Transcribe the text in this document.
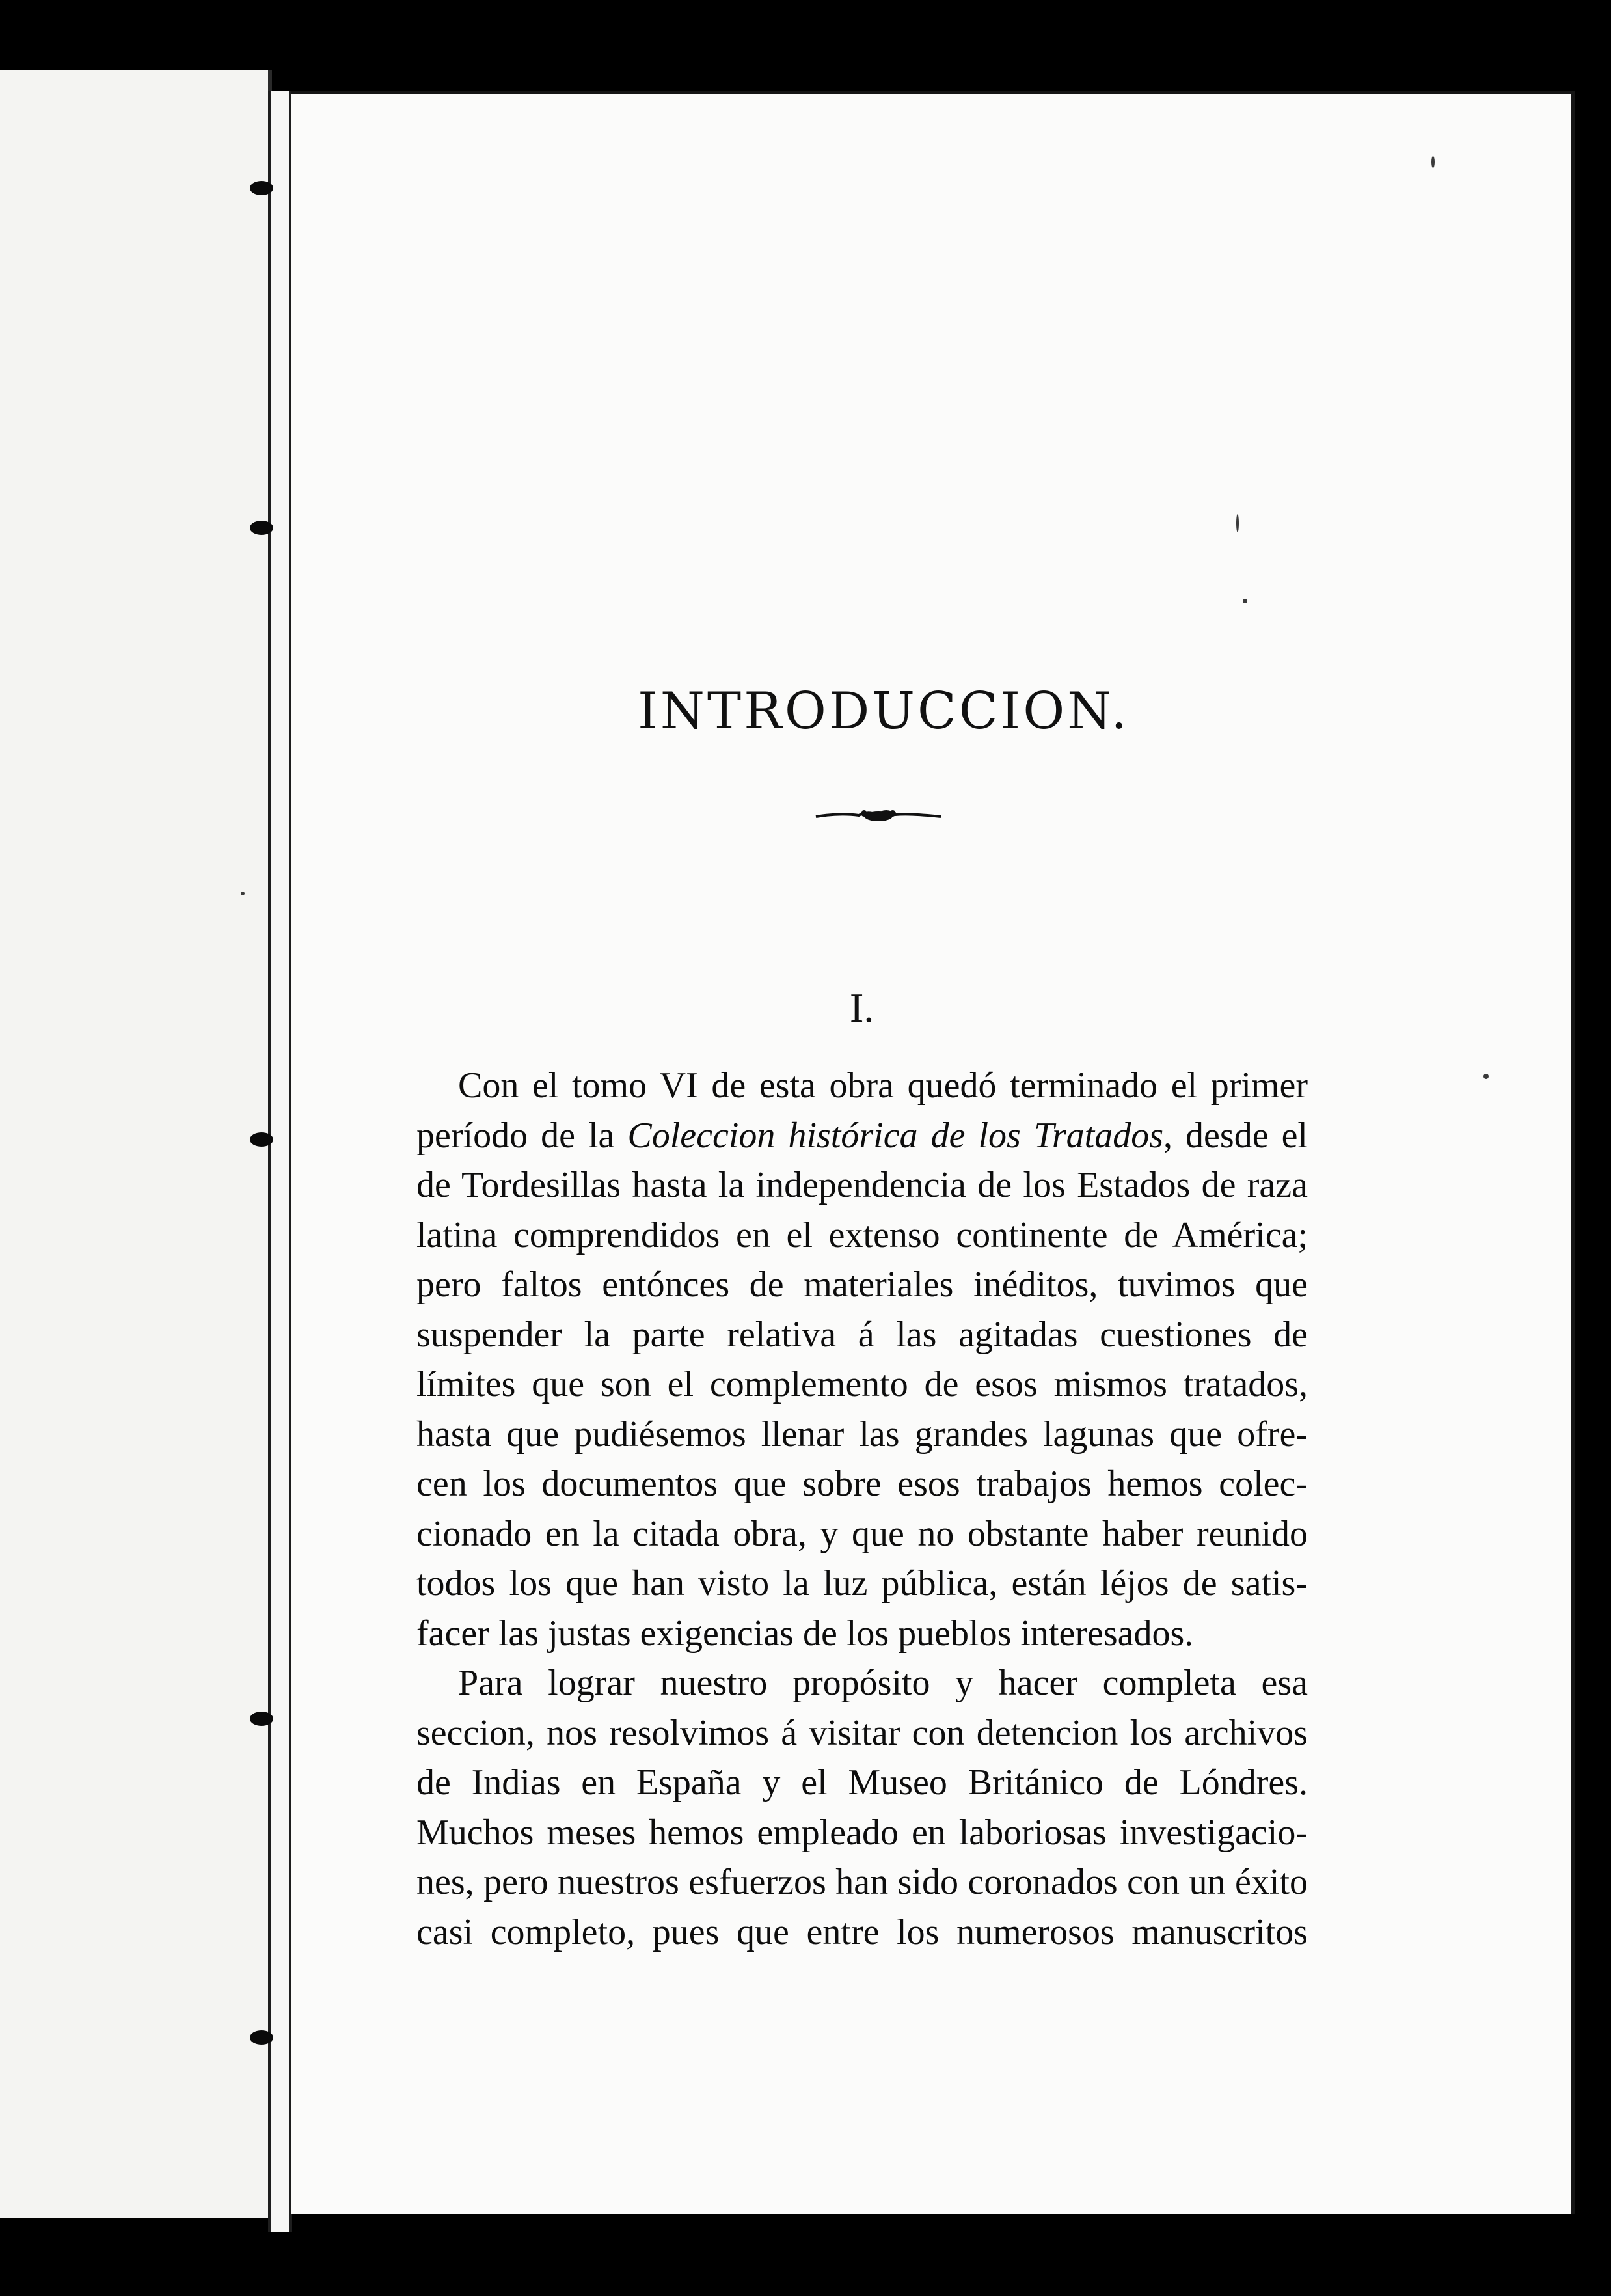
INTRODUCCION.
I.

Con el tomo VI de esta obra quedó terminado el primer

período de la Coleccion histórica de los Tratados, desde el

de Tordesillas hasta la independencia de los Estados de raza

latina comprendidos en el extenso continente de América;

pero faltos entónces de materiales inéditos, tuvimos que

suspender la parte relativa á las agitadas cuestiones de

límites que son el complemento de esos mismos tratados,

hasta que pudiésemos llenar las grandes lagunas que ofre-

cen los documentos que sobre esos trabajos hemos colec-

cionado en la citada obra, y que no obstante haber reunido

todos los que han visto la luz pública, están léjos de satis-

facer las justas exigencias de los pueblos interesados.

Para lograr nuestro propósito y hacer completa esa

seccion, nos resolvimos á visitar con detencion los archivos

de Indias en España y el Museo Británico de Lóndres.

Muchos meses hemos empleado en laboriosas investigacio-

nes, pero nuestros esfuerzos han sido coronados con un éxito

casi completo, pues que entre los numerosos manuscritos
